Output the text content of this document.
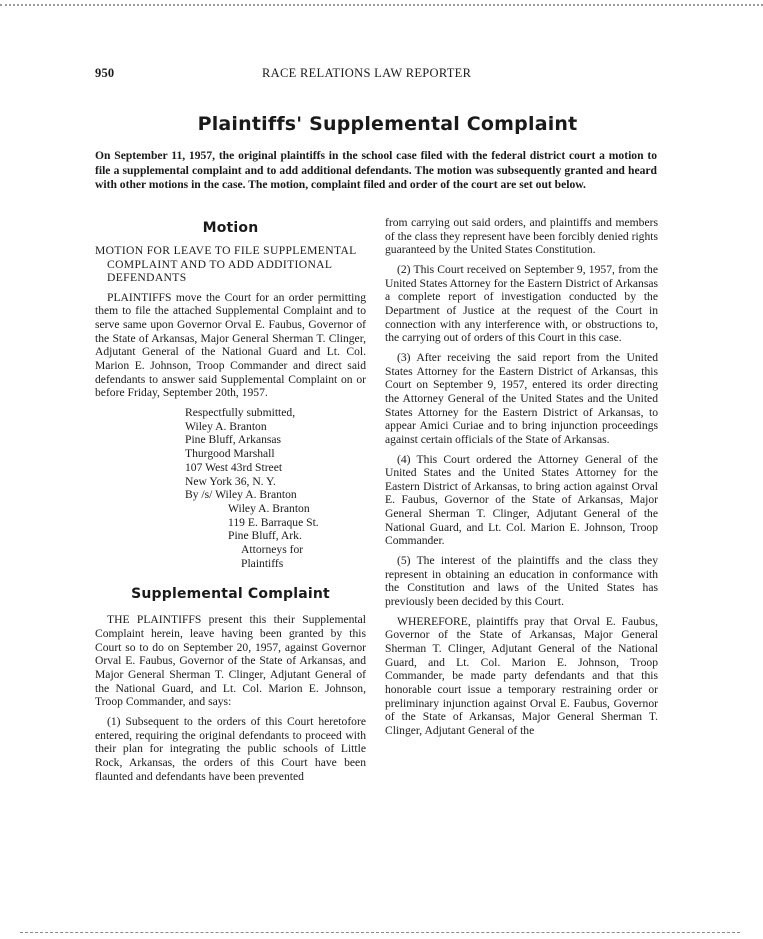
950	RACE RELATIONS LAW REPORTER
Plaintiffs' Supplemental Complaint

On September 11, 1957, the original plaintiffs in the school case filed with the federal district court a motion to file a supplemental complaint and to add additional defendants. The motion was subsequently granted and heard with other motions in the case. The motion, complaint filed and order of the court are set out below.

Motion

MOTION FOR LEAVE TO FILE SUPPLEMENTAL COMPLAINT AND TO ADD ADDITIONAL DEFENDANTS

PLAINTIFFS move the Court for an order permitting them to file the attached Supplemental Complaint and to serve same upon Governor Orval E. Faubus, Governor of the State of Arkansas, Major General Sherman T. Clinger, Adjutant General of the National Guard and Lt. Col. Marion E. Johnson, Troop Commander and direct said defendants to answer said Supplemental Complaint on or before Friday, September 20th, 1957.

Respectfully submitted,
Wiley A. Branton
Pine Bluff, Arkansas
Thurgood Marshall
107 West 43rd Street
New York 36, N. Y.
By /s/ Wiley A. Branton
Wiley A. Branton
119 E. Barraque St.
Pine Bluff, Ark.
Attorneys for
Plaintiffs
Supplemental Complaint

THE PLAINTIFFS present this their Supplemental Complaint herein, leave having been granted by this Court so to do on September 20, 1957, against Governor Orval E. Faubus, Governor of the State of Arkansas, and Major General Sherman T. Clinger, Adjutant General of the National Guard, and Lt. Col. Marion E. Johnson, Troop Commander, and says:

(1) Subsequent to the orders of this Court heretofore entered, requiring the original defendants to proceed with their plan for integrating the public schools of Little Rock, Arkansas, the orders of this Court have been flaunted and defendants have been prevented

from carrying out said orders, and plaintiffs and members of the class they represent have been forcibly denied rights guaranteed by the United States Constitution.

(2) This Court received on September 9, 1957, from the United States Attorney for the Eastern District of Arkansas a complete report of investigation conducted by the Department of Justice at the request of the Court in connection with any interference with, or obstructions to, the carrying out of orders of this Court in this case.

(3) After receiving the said report from the United States Attorney for the Eastern District of Arkansas, this Court on September 9, 1957, entered its order directing the Attorney General of the United States and the United States Attorney for the Eastern District of Arkansas, to appear Amici Curiae and to bring injunction proceedings against certain officials of the State of Arkansas.

(4) This Court ordered the Attorney General of the United States and the United States Attorney for the Eastern District of Arkansas, to bring action against Orval E. Faubus, Governor of the State of Arkansas, Major General Sherman T. Clinger, Adjutant General of the National Guard, and Lt. Col. Marion E. Johnson, Troop Commander.

(5) The interest of the plaintiffs and the class they represent in obtaining an education in conformance with the Constitution and laws of the United States has previously been decided by this Court.

WHEREFORE, plaintiffs pray that Orval E. Faubus, Governor of the State of Arkansas, Major General Sherman T. Clinger, Adjutant General of the National Guard, and Lt. Col. Marion E. Johnson, Troop Commander, be made party defendants and that this honorable court issue a temporary restraining order or preliminary injunction against Orval E. Faubus, Governor of the State of Arkansas, Major General Sherman T. Clinger, Adjutant General of the
